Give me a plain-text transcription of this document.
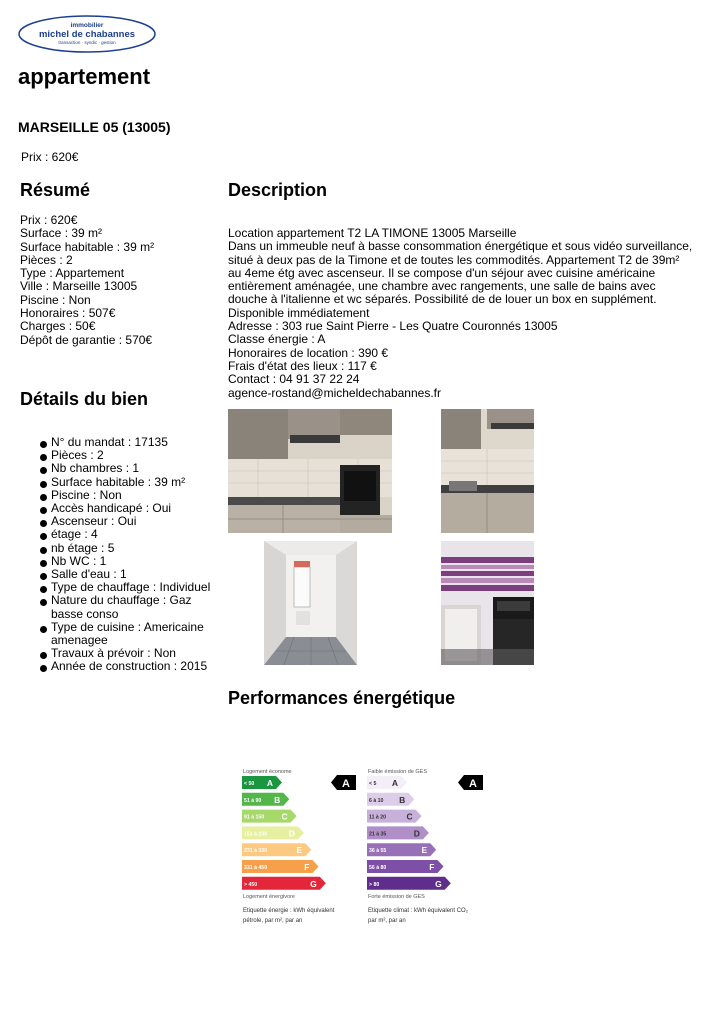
immobilier
michel de chabannes
transaction · syndic · gestion
appartement
MARSEILLE 05 (13005)
Prix : 620€
Résumé
Prix : 620€
Surface : 39 m²
Surface habitable : 39 m²
Pièces : 2
Type : Appartement
Ville : Marseille 13005
Piscine : Non
Honoraires : 507€
Charges : 50€
Dépôt de garantie : 570€
Description
Location appartement T2 LA TIMONE 13005 Marseille
Dans un immeuble neuf à basse consommation énergétique et sous vidéo surveillance,
situé à deux pas de la Timone et de toutes les commodités. Appartement T2 de 39m²
au 4eme étg avec ascenseur. Il se compose d'un séjour avec cuisine américaine
entièrement aménagée, une chambre avec rangements, une salle de bains avec
douche à l'italienne et wc séparés. Possibilité de de louer un box en supplément.
Disponible immédiatement
Adresse : 303 rue Saint Pierre - Les Quatre Couronnés 13005
Classe énergie : A
Honoraires de location : 390 €
Frais d'état des lieux : 117 €
Contact : 04 91 37 22 24
agence-rostand@micheldechabannes.fr
Détails du bien
N° du mandat : 17135
Pièces : 2
Nb chambres : 1
Surface habitable : 39 m²
Piscine : Non
Accès handicapé : Oui
Ascenseur : Oui
étage : 4
nb étage : 5
Nb WC : 1
Salle d'eau : 1
Type de chauffage : Individuel
Nature du chauffage : Gaz basse conso
Type de cuisine : Americaine amenagee
Travaux à prévoir : Non
Année de construction : 2015
Performances énergétique
Logement économe
< 50 A
51 à 90 B
91 à 150 C
151 à 230	D
231 à 330	E
331 à 450	F
> 450	G
Logement énergivore
Etiquette énergie : kWh équivalent
pétrole, par m², par an
A
Faible émission de GES
< 5 A
6 à 10 B
11 à 20 C
21 à 35	D
36 à 55	E
56 à 80	F
> 80	G
Forte émission de GES
Etiquette climat : kWh équivalent CO₂
par m², par an
A
